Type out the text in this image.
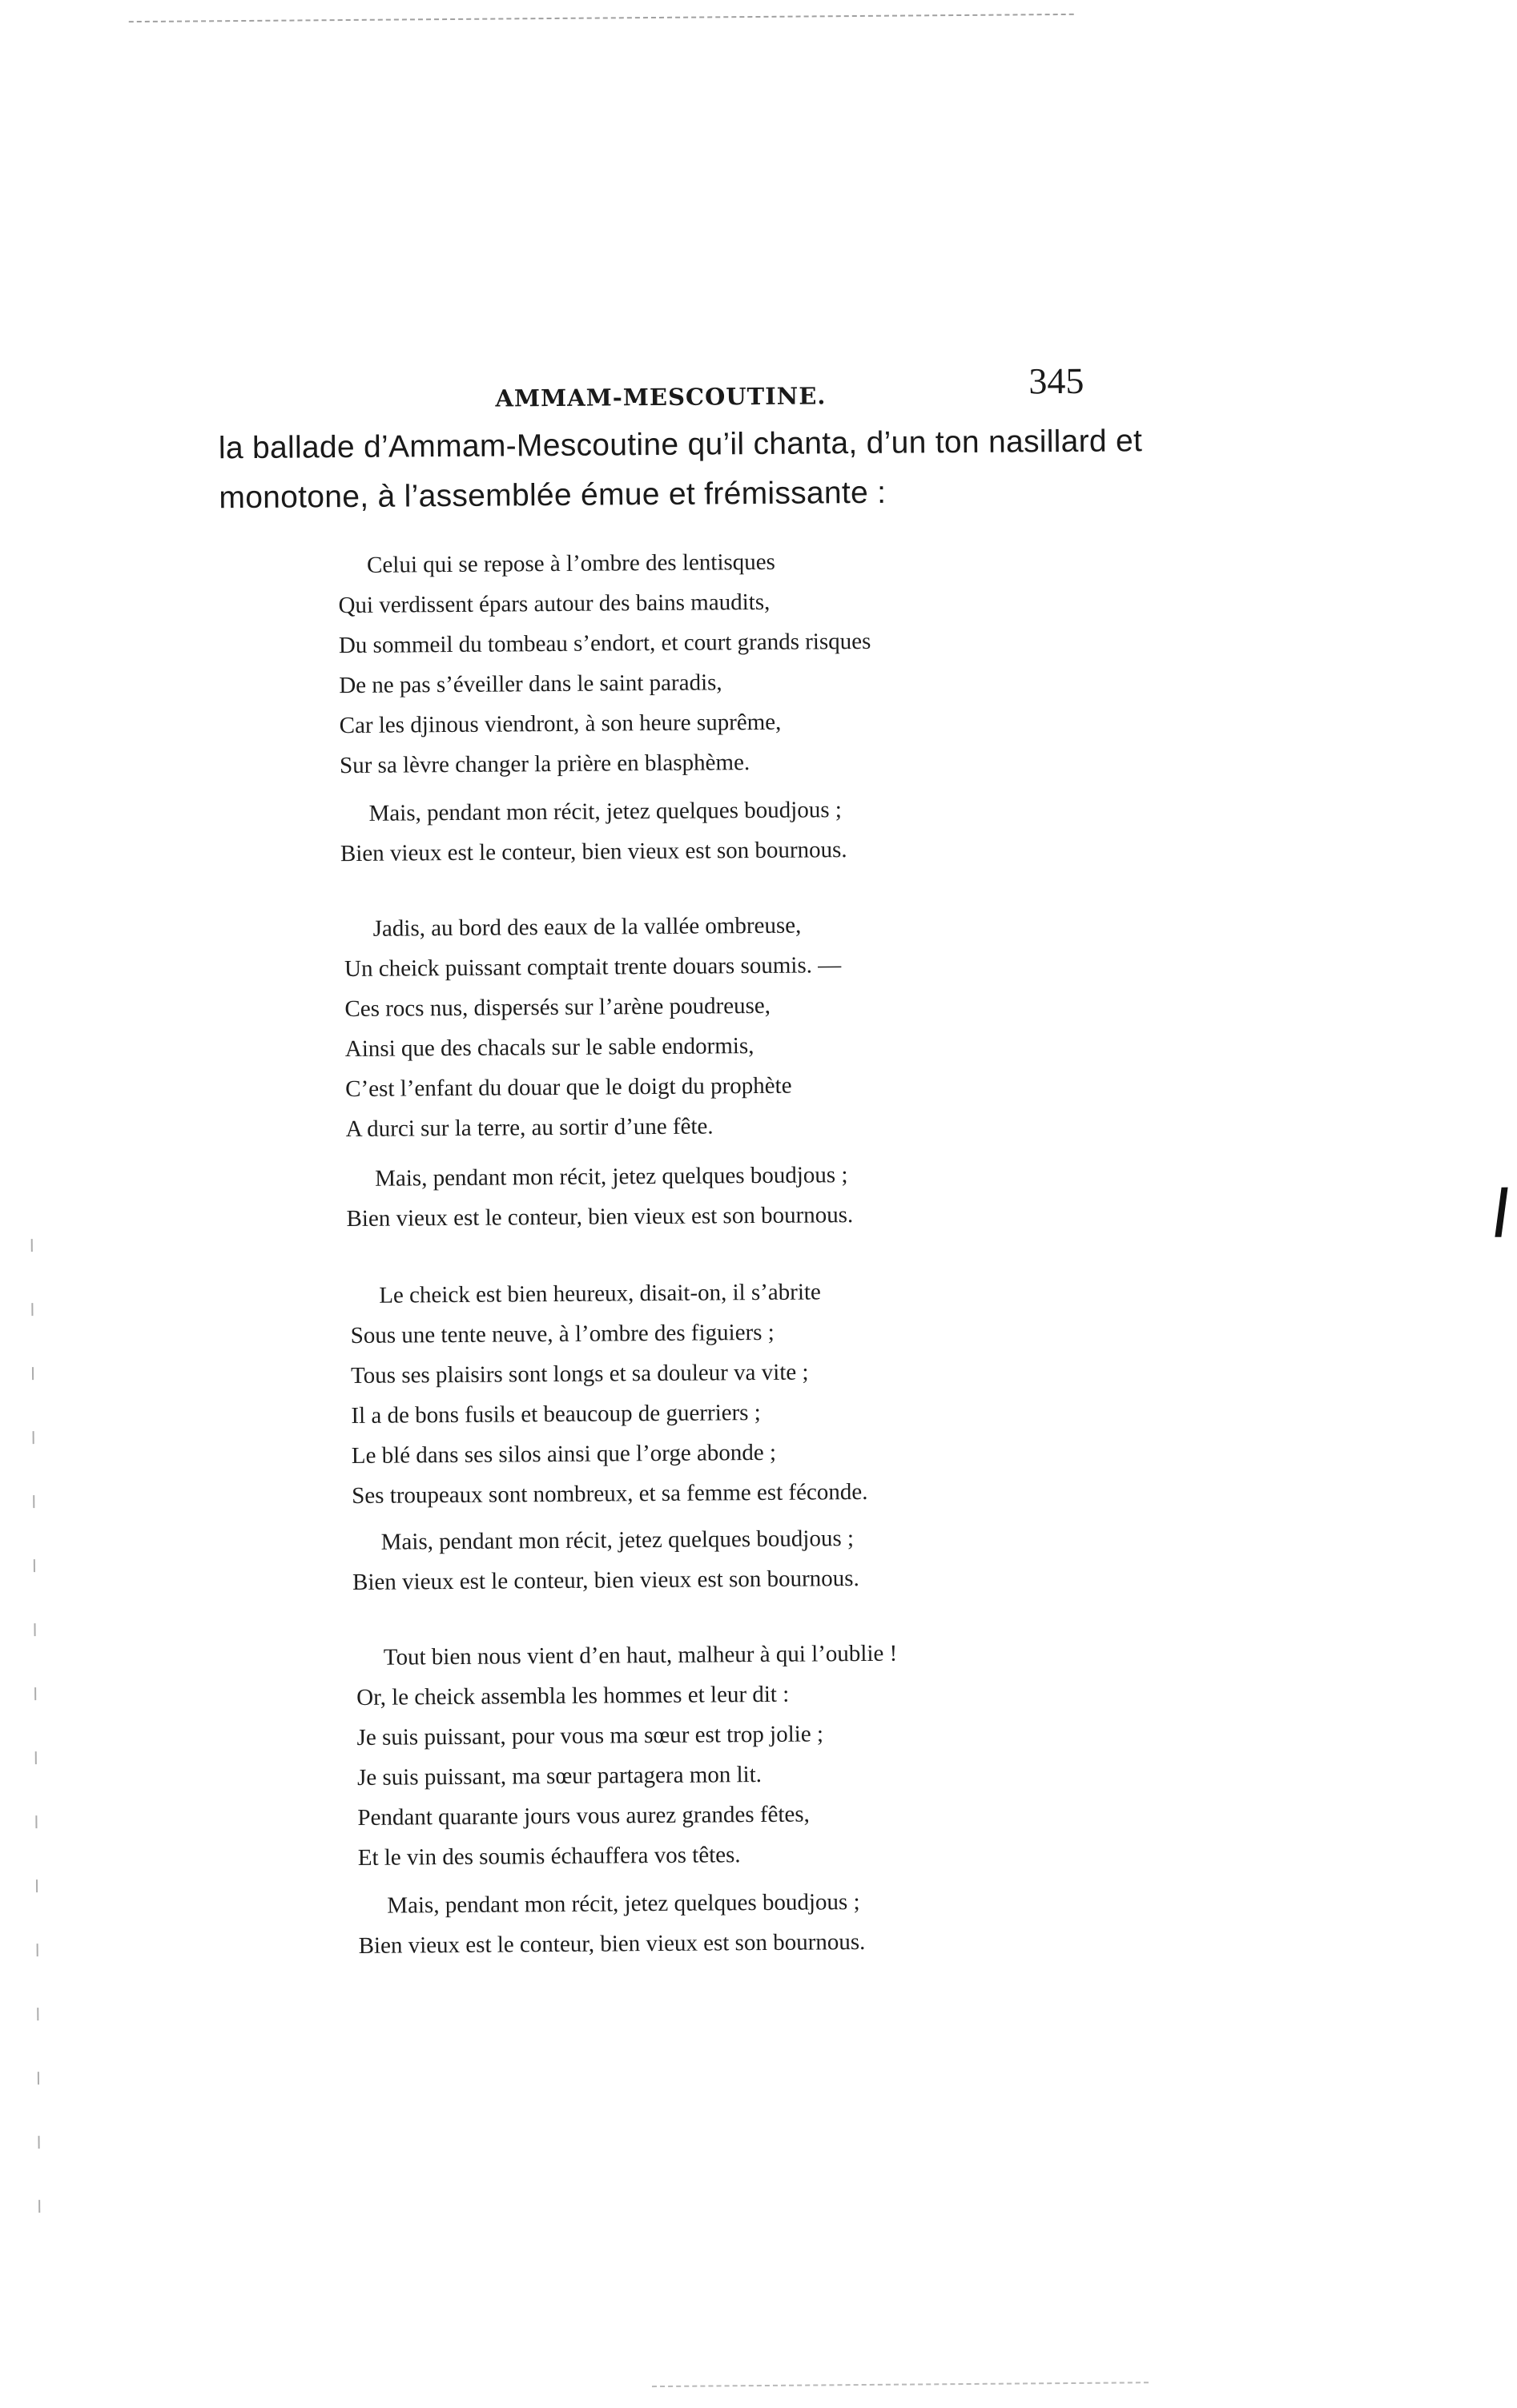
AMMAM-MESCOUTINE.	345
la ballade d’Ammam-Mescoutine qu’il chanta, d’un ton nasillard et
monotone, à l’assemblée émue et frémissante :
Celui qui se repose à l’ombre des lentisques
Qui verdissent épars autour des bains maudits,
Du sommeil du tombeau s’endort, et court grands risques
De ne pas s’éveiller dans le saint paradis,
Car les djinous viendront, à son heure suprême,
Sur sa lèvre changer la prière en blasphème.
Mais, pendant mon récit, jetez quelques boudjous ;
Bien vieux est le conteur, bien vieux est son bournous.
Jadis, au bord des eaux de la vallée ombreuse,
Un cheick puissant comptait trente douars soumis. —
Ces rocs nus, dispersés sur l’arène poudreuse,
Ainsi que des chacals sur le sable endormis,
C’est l’enfant du douar que le doigt du prophète
A durci sur la terre, au sortir d’une fête.
Mais, pendant mon récit, jetez quelques boudjous ;
Bien vieux est le conteur, bien vieux est son bournous.
Le cheick est bien heureux, disait-on, il s’abrite
Sous une tente neuve, à l’ombre des figuiers ;
Tous ses plaisirs sont longs et sa douleur va vite ;
Il a de bons fusils et beaucoup de guerriers ;
Le blé dans ses silos ainsi que l’orge abonde ;
Ses troupeaux sont nombreux, et sa femme est féconde.
Mais, pendant mon récit, jetez quelques boudjous ;
Bien vieux est le conteur, bien vieux est son bournous.
Tout bien nous vient d’en haut, malheur à qui l’oublie !
Or, le cheick assembla les hommes et leur dit :
Je suis puissant, pour vous ma sœur est trop jolie ;
Je suis puissant, ma sœur partagera mon lit.
Pendant quarante jours vous aurez grandes fêtes,
Et le vin des soumis échauffera vos têtes.
Mais, pendant mon récit, jetez quelques boudjous ;
Bien vieux est le conteur, bien vieux est son bournous.
